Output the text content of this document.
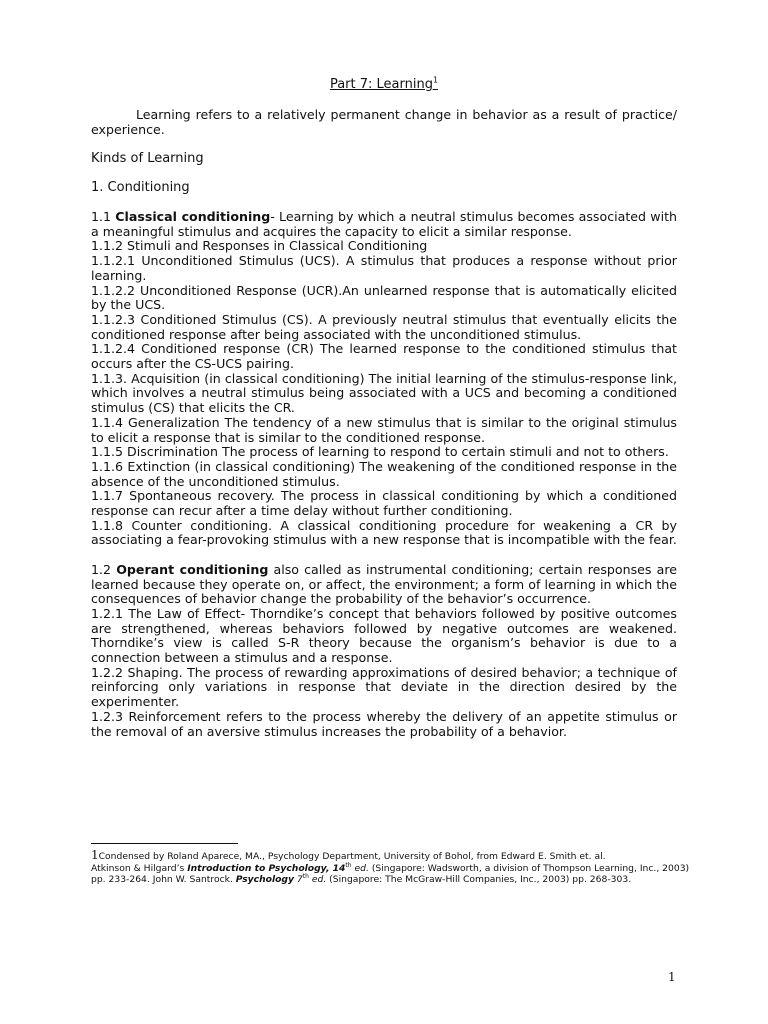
Part 7: Learning$^1$
Learning refers to a relatively permanent change in behavior as a result of practice/ experience.
Kinds of Learning
1. Conditioning

1.1 Classical conditioning- Learning by which a neutral stimulus becomes associated with a meaningful stimulus and acquires the capacity to elicit a similar response.

1.1.2 Stimuli and Responses in Classical Conditioning

1.1.2.1 Unconditioned Stimulus (UCS). A stimulus that produces a response without prior learning.

1.1.2.2 Unconditioned Response (UCR).An unlearned response that is automatically elicited by the UCS.

1.1.2.3 Conditioned Stimulus (CS). A previously neutral stimulus that eventually elicits the conditioned response after being associated with the unconditioned stimulus.

1.1.2.4 Conditioned response (CR) The learned response to the conditioned stimulus that occurs after the CS-UCS pairing.

1.1.3. Acquisition (in classical conditioning) The initial learning of the stimulus-response link, which involves a neutral stimulus being associated with a UCS and becoming a conditioned stimulus (CS) that elicits the CR.

1.1.4 Generalization The tendency of a new stimulus that is similar to the original stimulus to elicit a response that is similar to the conditioned response.

1.1.5 Discrimination The process of learning to respond to certain stimuli and not to others.

1.1.6 Extinction (in classical conditioning) The weakening of the conditioned response in the absence of the unconditioned stimulus.

1.1.7 Spontaneous recovery. The process in classical conditioning by which a conditioned response can recur after a time delay without further conditioning.

1.1.8 Counter conditioning. A classical conditioning procedure for weakening a CR by associating a fear-provoking stimulus with a new response that is incompatible with the fear.

1.2 Operant conditioning also called as instrumental conditioning; certain responses are learned because they operate on, or affect, the environment; a form of learning in which the consequences of behavior change the probability of the behavior’s occurrence.

1.2.1 The Law of Effect- Thorndike’s concept that behaviors followed by positive outcomes are strengthened, whereas behaviors followed by negative outcomes are weakened. Thorndike’s view is called S-R theory because the organism’s behavior is due to a connection between a stimulus and a response.

1.2.2 Shaping. The process of rewarding approximations of desired behavior; a technique of reinforcing only variations in response that deviate in the direction desired by the experimenter.

1.2.3 Reinforcement refers to the process whereby the delivery of an appetite stimulus or the removal of an aversive stimulus increases the probability of a behavior.

1Condensed by Roland Aparece, MA., Psychology Department, University of Bohol, from Edward E. Smith et. al.
Atkinson & Hilgard’s Introduction to Psychology, 14th ed. (Singapore: Wadsworth, a division of Thompson Learning, Inc., 2003) pp. 233-264. John W. Santrock. Psychology 7th ed. (Singapore: The McGraw-Hill Companies, Inc., 2003) pp. 268-303.
1
